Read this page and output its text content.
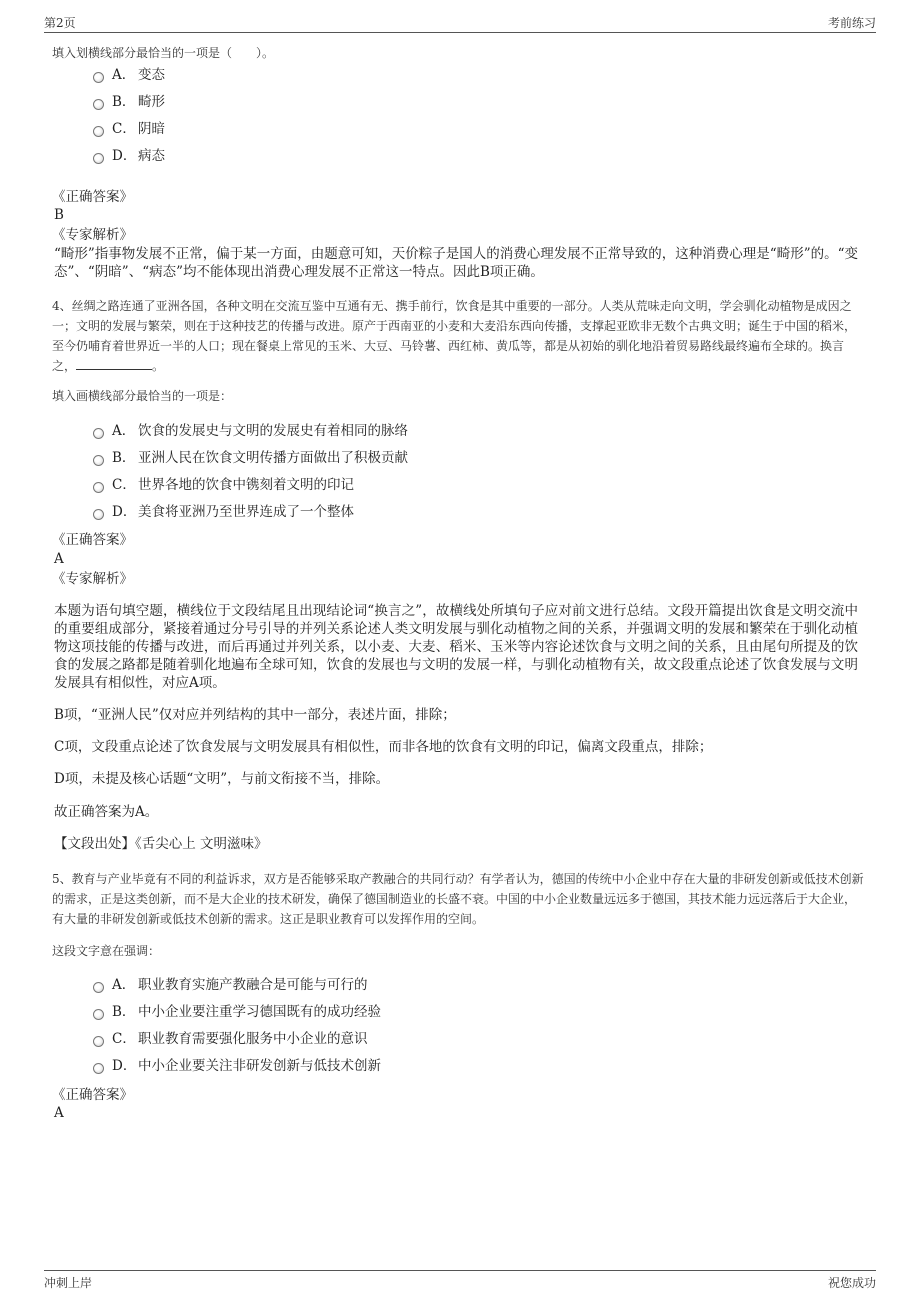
第2页	考前练习
填入划横线部分最恰当的一项是（　　）。
A． 变态
B． 畸形
C． 阴暗
D． 病态
《正确答案》
B
《专家解析》
“畸形”指事物发展不正常，偏于某一方面，由题意可知，天价粽子是国人的消费心理发展不正常导致的，这种消费心理是“畸形”的。“变态”、“阴暗”、“病态”均不能体现出消费心理发展不正常这一特点。因此B项正确。
4、丝绸之路连通了亚洲各国，各种文明在交流互鉴中互通有无、携手前行，饮食是其中重要的一部分。人类从荒味走向文明，学会驯化动植物是成因之一；文明的发展与繁荣，则在于这种技艺的传播与改进。原产于西南亚的小麦和大麦沿东西向传播，支撑起亚欧非无数个古典文明；诞生于中国的稻米，至今仍哺育着世界近一半的人口；现在餐桌上常见的玉米、大豆、马铃薯、西红柿、黄瓜等，都是从初始的驯化地沿着贸易路线最终遍布全球的。换言之，	。
填入画横线部分最恰当的一项是：
A． 饮食的发展史与文明的发展史有着相同的脉络
B． 亚洲人民在饮食文明传播方面做出了积极贡献
C． 世界各地的饮食中镌刻着文明的印记
D． 美食将亚洲乃至世界连成了一个整体
《正确答案》
A
《专家解析》
本题为语句填空题，横线位于文段结尾且出现结论词“换言之”，故横线处所填句子应对前文进行总结。文段开篇提出饮食是文明交流中的重要组成部分，紧接着通过分号引导的并列关系论述人类文明发展与驯化动植物之间的关系，并强调文明的发展和繁荣在于驯化动植物这项技能的传播与改进，而后再通过并列关系，以小麦、大麦、稻米、玉米等内容论述饮食与文明之间的关系，且由尾句所提及的饮食的发展之路都是随着驯化地遍布全球可知，饮食的发展也与文明的发展一样，与驯化动植物有关，故文段重点论述了饮食发展与文明发展具有相似性，对应A项。
B项，“亚洲人民”仅对应并列结构的其中一部分，表述片面，排除；
C项，文段重点论述了饮食发展与文明发展具有相似性，而非各地的饮食有文明的印记，偏离文段重点，排除；
D项，未提及核心话题“文明”，与前文衔接不当，排除。
故正确答案为A。
【文段出处】《舌尖心上 文明滋味》
5、教育与产业毕竟有不同的利益诉求，双方是否能够采取产教融合的共同行动？有学者认为，德国的传统中小企业中存在大量的非研发创新或低技术创新的需求，正是这类创新，而不是大企业的技术研发，确保了德国制造业的长盛不衰。中国的中小企业数量远远多于德国，其技术能力远远落后于大企业，有大量的非研发创新或低技术创新的需求。这正是职业教育可以发挥作用的空间。
这段文字意在强调：
A． 职业教育实施产教融合是可能与可行的
B． 中小企业要注重学习德国既有的成功经验
C． 职业教育需要强化服务中小企业的意识
D． 中小企业要关注非研发创新与低技术创新
《正确答案》
A
冲刺上岸	祝您成功
